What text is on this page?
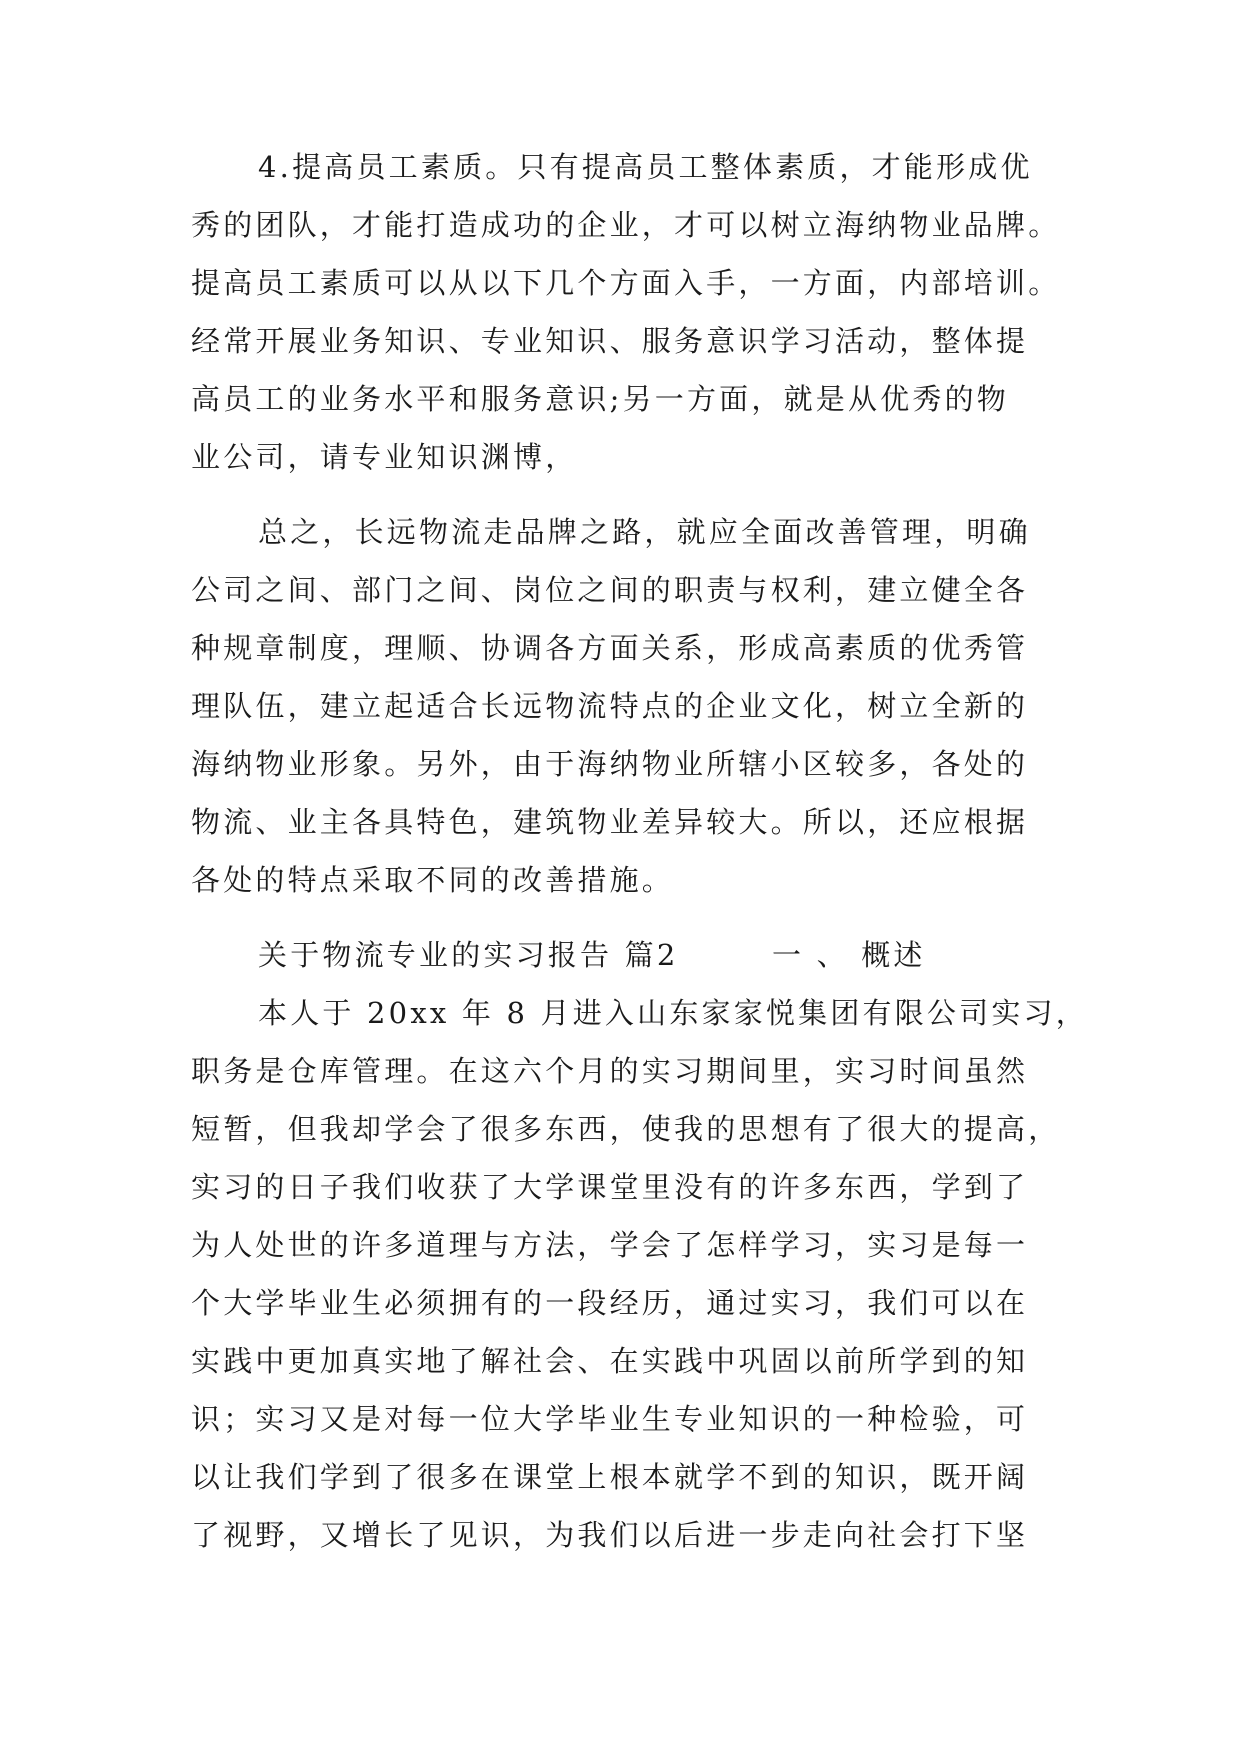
4.提高员工素质。只有提高员工整体素质，才能形成优
秀的团队，才能打造成功的企业，才可以树立海纳物业品牌。
提高员工素质可以从以下几个方面入手，一方面，内部培训。
经常开展业务知识、专业知识、服务意识学习活动，整体提
高员工的业务水平和服务意识;另一方面，就是从优秀的物
业公司，请专业知识渊博，
总之，长远物流走品牌之路，就应全面改善管理，明确
公司之间、部门之间、岗位之间的职责与权利，建立健全各
种规章制度，理顺、协调各方面关系，形成高素质的优秀管
理队伍，建立起适合长远物流特点的企业文化，树立全新的
海纳物业形象。另外，由于海纳物业所辖小区较多，各处的
物流、业主各具特色，建筑物业差异较大。所以，还应根据
各处的特点采取不同的改善措施。
关于物流专业的实习报告 篇2	一 、 概述
本人于 20xx 年 8 月进入山东家家悦集团有限公司实习，
职务是仓库管理。在这六个月的实习期间里，实习时间虽然
短暂，但我却学会了很多东西，使我的思想有了很大的提高，
实习的日子我们收获了大学课堂里没有的许多东西，学到了
为人处世的许多道理与方法，学会了怎样学习，实习是每一
个大学毕业生必须拥有的一段经历，通过实习，我们可以在
实践中更加真实地了解社会、在实践中巩固以前所学到的知
识；实习又是对每一位大学毕业生专业知识的一种检验，可
以让我们学到了很多在课堂上根本就学不到的知识，既开阔
了视野，又增长了见识，为我们以后进一步走向社会打下坚
